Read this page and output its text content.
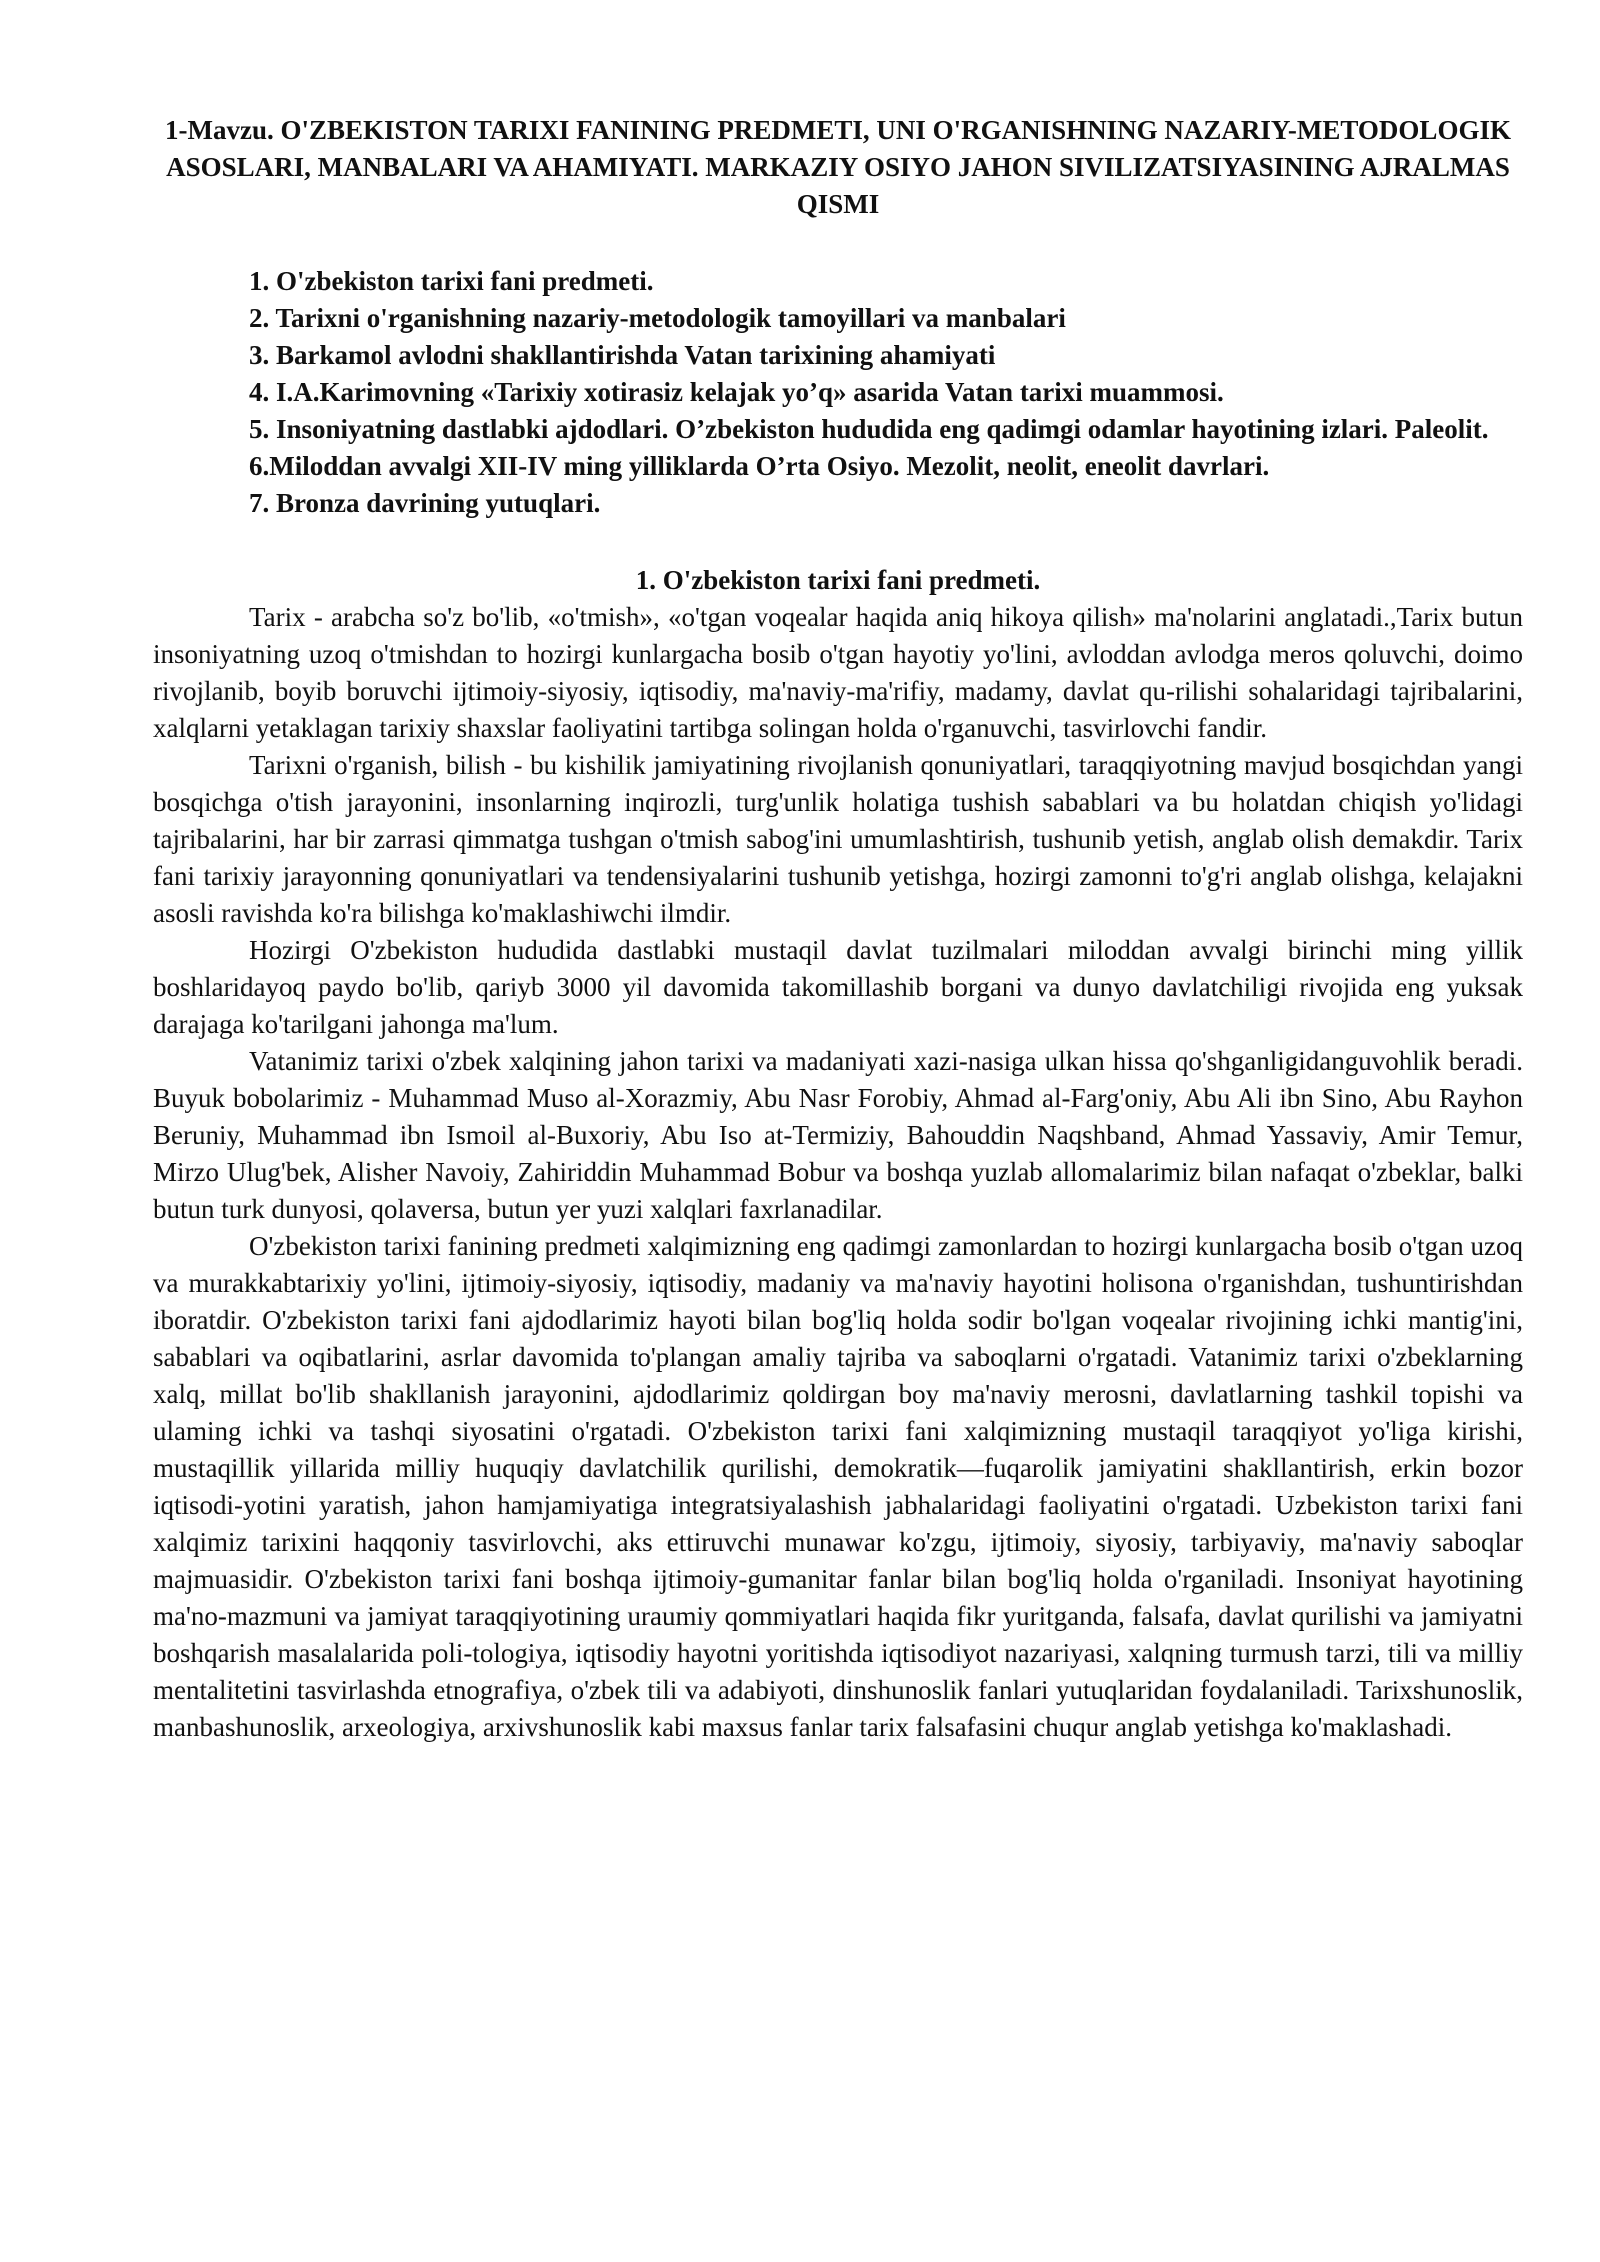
1-Mavzu. O'ZBEKISTON TARIXI FANINING PREDMETI, UNI O'RGANISHNING NAZARIY-METODOLOGIK ASOSLARI, MANBALARI VA AHAMIYATI. MARKAZIY OSIYO JAHON SIVILIZATSIYASINING AJRALMAS QISMI
1. O'zbekiston tarixi fani predmeti.
2. Tarixni o'rganishning nazariy-metodologik tamoyillari va manbalari
3. Barkamol avlodni shakllantirishda Vatan tarixining ahamiyati
4. I.A.Karimovning «Tarixiy xotirasiz kelajak yo’q» asarida Vatan tarixi muammosi.
5. Insoniyatning dastlabki ajdodlari. O’zbekiston hududida eng qadimgi odamlar hayotining izlari. Paleolit.
6.Miloddan avvalgi XII-IV ming yilliklarda O’rta Osiyo. Mezolit, neolit, eneolit davrlari.
7. Bronza davrining yutuqlari.
1. O'zbekiston tarixi fani predmeti.

Tarix - arabcha so'z bo'lib, «o'tmish», «o'tgan voqealar haqida aniq hikoya qilish» ma'nolarini anglatadi.,Tarix butun insoniyatning uzoq o'tmishdan to hozirgi kunlargacha bosib o'tgan hayotiy yo'lini, avloddan avlodga meros qoluvchi, doimo rivojlanib, boyib boruvchi ijtimoiy-siyosiy, iqtisodiy, ma'naviy-ma'rifiy, madamy, davlat qu-rilishi sohalaridagi tajribalarini, xalqlarni yetaklagan tarixiy shaxslar faoliyatini tartibga solingan holda o'rganuvchi, tasvirlovchi fandir.

Tarixni o'rganish, bilish - bu kishilik jamiyatining rivojlanish qonuniyatlari, taraqqiyotning mavjud bosqichdan yangi bosqichga o'tish jarayonini, insonlarning inqirozli, turg'unlik holatiga tushish sabablari va bu holatdan chiqish yo'lidagi tajribalarini, har bir zarrasi qimmatga tushgan o'tmish sabog'ini umumlashtirish, tushunib yetish, anglab olish demakdir. Tarix fani tarixiy jarayonning qonuniyatlari va tendensiyalarini tushunib yetishga, hozirgi zamonni to'g'ri anglab olishga, kelajakni asosli ravishda ko'ra bilishga ko'maklashiwchi ilmdir.

Hozirgi O'zbekiston hududida dastlabki mustaqil davlat tuzilmalari miloddan avvalgi birinchi ming yillik boshlaridayoq paydo bo'lib, qariyb 3000 yil davomida takomillashib borgani va dunyo davlatchiligi rivojida eng yuksak darajaga ko'tarilgani jahonga ma'lum.

Vatanimiz tarixi o'zbek xalqining jahon tarixi va madaniyati xazi-nasiga ulkan hissa qo'shganligidanguvohlik beradi. Buyuk bobolarimiz - Muhammad Muso al-Xorazmiy, Abu Nasr Forobiy, Ahmad al-Farg'oniy, Abu Ali ibn Sino, Abu Rayhon Beruniy, Muhammad ibn Ismoil al-Buxoriy, Abu Iso at-Termiziy, Bahouddin Naqshband, Ahmad Yassaviy, Amir Temur, Mirzo Ulug'bek, Alisher Navoiy, Zahiriddin Muhammad Bobur va boshqa yuzlab allomalarimiz bilan nafaqat o'zbeklar, balki butun turk dunyosi, qolaversa, butun yer yuzi xalqlari faxrlanadilar.

O'zbekiston tarixi fanining predmeti xalqimizning eng qadimgi zamonlardan to hozirgi kunlargacha bosib o'tgan uzoq va murakkabtarixiy yo'lini, ijtimoiy-siyosiy, iqtisodiy, madaniy va ma'naviy hayotini holisona o'rganishdan, tushuntirishdan iboratdir. O'zbekiston tarixi fani ajdodlarimiz hayoti bilan bog'liq holda sodir bo'lgan voqealar rivojining ichki mantig'ini, sabablari va oqibatlarini, asrlar davomida to'plangan amaliy tajriba va saboqlarni o'rgatadi. Vatanimiz tarixi o'zbeklarning xalq, millat bo'lib shakllanish jarayonini, ajdodlarimiz qoldirgan boy ma'naviy merosni, davlatlarning tashkil topishi va ulaming ichki va tashqi siyosatini o'rgatadi. O'zbekiston tarixi fani xalqimizning mustaqil taraqqiyot yo'liga kirishi, mustaqillik yillarida milliy huquqiy davlatchilik qurilishi, demokratik—fuqarolik jamiyatini shakllantirish, erkin bozor iqtisodi-yotini yaratish, jahon hamjamiyatiga integratsiyalashish jabhalaridagi faoliyatini o'rgatadi. Uzbekiston tarixi fani xalqimiz tarixini haqqoniy tasvirlovchi, aks ettiruvchi munawar ko'zgu, ijtimoiy, siyosiy, tarbiyaviy, ma'naviy saboqlar majmuasidir. O'zbekiston tarixi fani boshqa ijtimoiy-gumanitar fanlar bilan bog'liq holda o'rganiladi. Insoniyat hayotining ma'no-mazmuni va jamiyat taraqqiyotining uraumiy qommiyatlari haqida fikr yuritganda, falsafa, davlat qurilishi va jamiyatni boshqarish masalalarida poli-tologiya, iqtisodiy hayotni yoritishda iqtisodiyot nazariyasi, xalqning turmush tarzi, tili va milliy mentalitetini tasvirlashda etnografiya, o'zbek tili va adabiyoti, dinshunoslik fanlari yutuqlaridan foydalaniladi. Tarixshunoslik, manbashunoslik, arxeologiya, arxivshunoslik kabi maxsus fanlar tarix falsafasini chuqur anglab yetishga ko'maklashadi.
